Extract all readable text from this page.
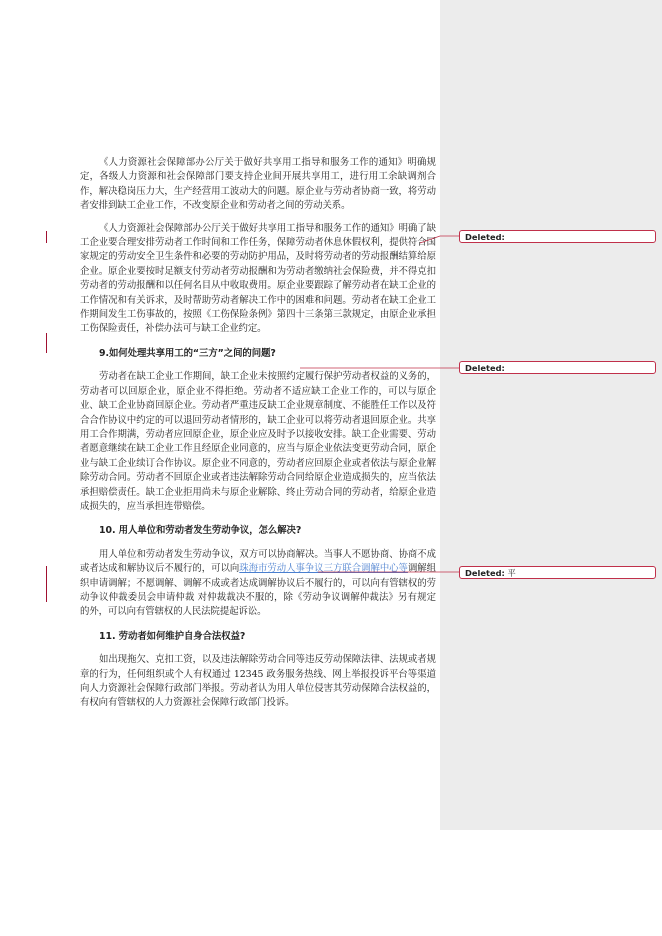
《人力资源社会保障部办公厅关于做好共享用工指导和服务工作的通知》明确规定，各级人力资源和社会保障部门要支持企业间开展共享用工，进行用工余缺调剂合作，解决稳岗压力大，生产经营用工波动大的问题。原企业与劳动者协商一致，将劳动者安排到缺工企业工作，不改变原企业和劳动者之间的劳动关系。

《人力资源社会保障部办公厅关于做好共享用工指导和服务工作的通知》明确了缺工企业要合理安排劳动者工作时间和工作任务，保障劳动者休息休假权利，提供符合国家规定的劳动安全卫生条件和必要的劳动防护用品，及时将劳动者的劳动报酬结算给原企业。原企业要按时足额支付劳动者劳动报酬和为劳动者缴纳社会保险费，并不得克扣劳动者的劳动报酬和以任何名目从中收取费用。原企业要跟踪了解劳动者在缺工企业的工作情况和有关诉求，及时帮助劳动者解决工作中的困难和问题。劳动者在缺工企业工作期间发生工伤事故的，按照《工伤保险条例》第四十三条第三款规定，由原企业承担工伤保险责任，补偿办法可与缺工企业约定。

9.如何处理共享用工的“三方”之间的问题?

劳动者在缺工企业工作期间，缺工企业未按照约定履行保护劳动者权益的义务的，劳动者可以回原企业，原企业不得拒绝。劳动者不适应缺工企业工作的，可以与原企业、缺工企业协商回原企业。劳动者严重违反缺工企业规章制度、不能胜任工作以及符合合作协议中约定的可以退回劳动者情形的，缺工企业可以将劳动者退回原企业。共享用工合作期满，劳动者应回原企业，原企业应及时予以接收安排。缺工企业需要、劳动者愿意继续在缺工企业工作且经原企业同意的，应当与原企业依法变更劳动合同，原企业与缺工企业续订合作协议。原企业不同意的，劳动者应回原企业或者依法与原企业解除劳动合同。劳动者不回原企业或者违法解除劳动合同给原企业造成损失的，应当依法承担赔偿责任。缺工企业拒用尚未与原企业解除、终止劳动合同的劳动者，给原企业造成损失的，应当承担连带赔偿。

10. 用人单位和劳动者发生劳动争议，怎么解决?

用人单位和劳动者发生劳动争议，双方可以协商解决。当事人不愿协商、协商不成或者达成和解协议后不履行的，可以向珠海市劳动人事争议三方联合调解中心等调解组织申请调解；不愿调解、调解不成或者达成调解协议后不履行的，可以向有管辖权的劳动争议仲裁委员会申请仲裁 对仲裁裁决不服的，除《劳动争议调解仲裁法》另有规定的外，可以向有管辖权的人民法院提起诉讼。

11. 劳动者如何维护自身合法权益?

如出现拖欠、克扣工资，以及违法解除劳动合同等违反劳动保障法律、法规或者规章的行为，任何组织或个人有权通过 12345 政务服务热线、网上举报投诉平台等渠道向人力资源社会保障行政部门举报。劳动者认为用人单位侵害其劳动保障合法权益的，有权向有管辖权的人力资源社会保障行政部门投诉。

Deleted:
Deleted:
Deleted: 平
